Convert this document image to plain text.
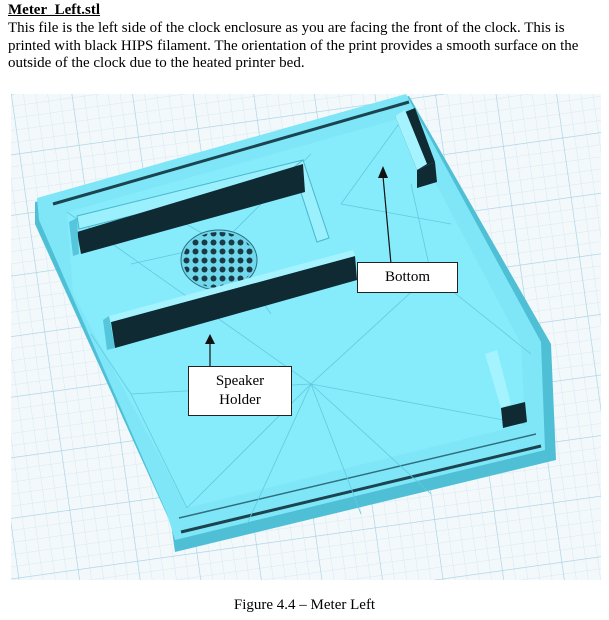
Meter_Left.stl
This file is the left side of the clock enclosure as you are facing the front of the clock. This is printed with black HIPS filament. The orientation of the print provides a smooth surface on the outside of the clock due to the heated printer bed.
Bottom
Speaker
Holder
Figure 4.4 – Meter Left
